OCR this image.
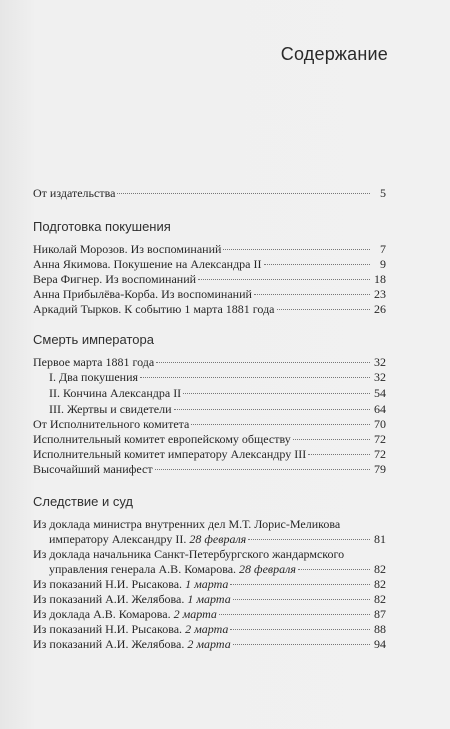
Содержание
От издательства	5
Подготовка покушения
Николай Морозов. Из воспоминаний	7
Анна Якимова. Покушение на Александра II	9
Вера Фигнер. Из воспоминаний	18
Анна Прибылёва-Корба. Из воспоминаний	23
Аркадий Тырков. К событию 1 марта 1881 года	26
Смерть императора
Первое марта 1881 года	32
I. Два покушения	32
II. Кончина Александра II	54
III. Жертвы и свидетели	64
От Исполнительного комитета	70
Исполнительный комитет европейскому обществу	72
Исполнительный комитет императору Александру III	72
Высочайший манифест	79
Следствие и суд
Из доклада министра внутренних дел М.Т. Лорис-Меликова
императору Александру II. 28 февраля	81
Из доклада начальника Санкт-Петербургского жандармского
управления генерала А.В. Комарова. 28 февраля	82
Из показаний Н.И. Рысакова. 1 марта	82
Из показаний А.И. Желябова. 1 марта	82
Из доклада А.В. Комарова. 2 марта	87
Из показаний Н.И. Рысакова. 2 марта	88
Из показаний А.И. Желябова. 2 марта	94
